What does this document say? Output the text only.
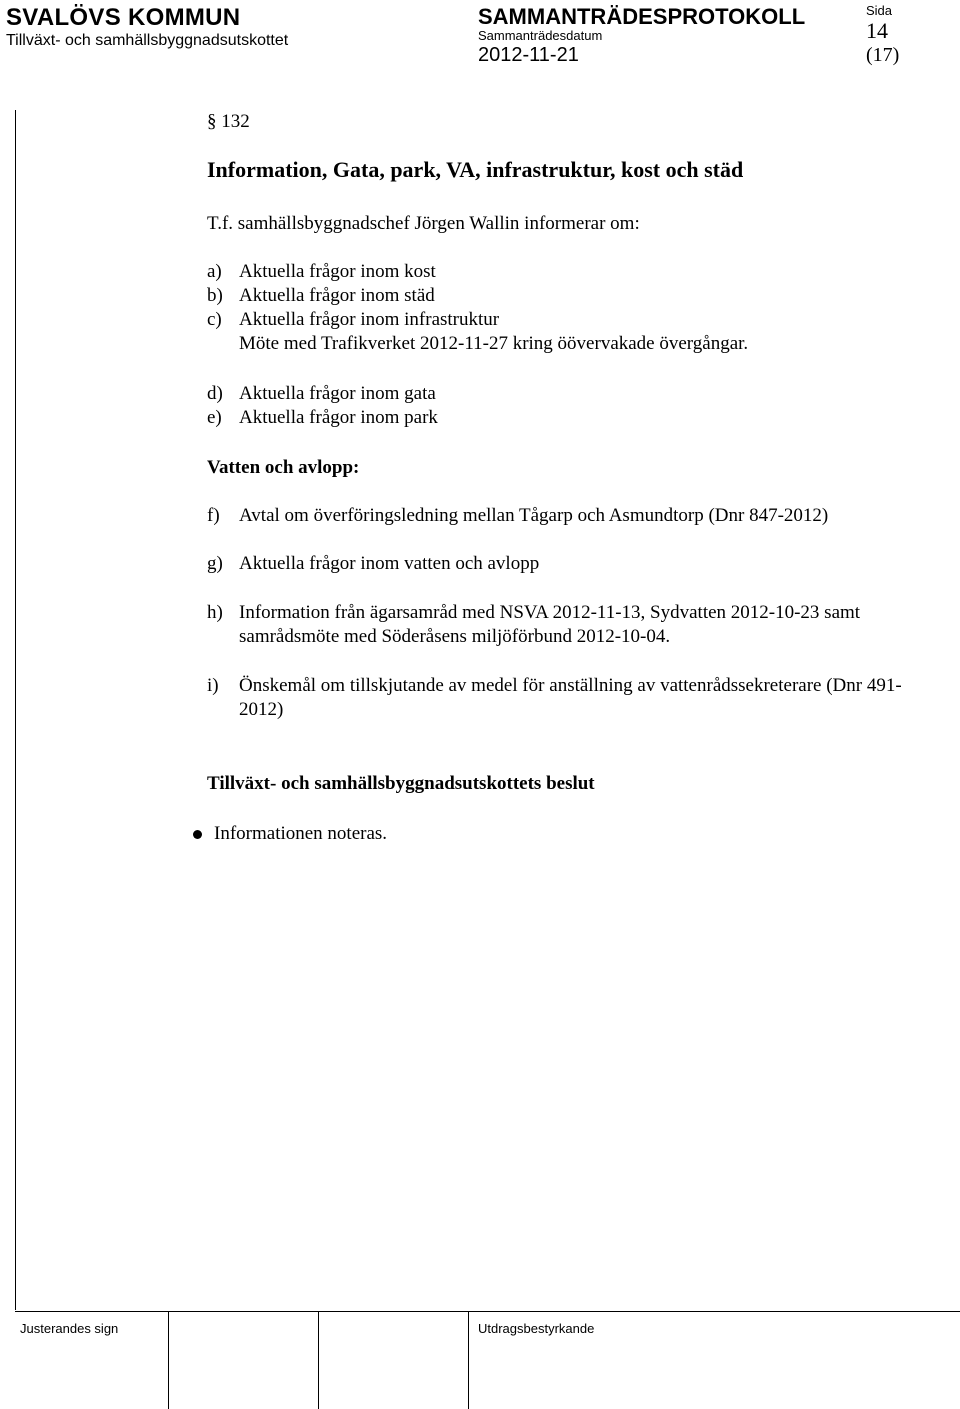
SVALÖVS KOMMUN
Tillväxt- och samhällsbyggnadsutskottet
SAMMANTRÄDESPROTOKOLL
Sammanträdesdatum
2012-11-21
Sida
14
(17)
§ 132
Information, Gata, park, VA, infrastruktur, kost och städ
T.f. samhällsbyggnadschef Jörgen Wallin informerar om:
a) Aktuella frågor inom kost
b) Aktuella frågor inom städ
c) Aktuella frågor inom infrastruktur
Möte med Trafikverket 2012-11-27 kring öövervakade övergångar.
d) Aktuella frågor inom gata
e) Aktuella frågor inom park
Vatten och avlopp:
f)	Avtal om överföringsledning mellan Tågarp och Asmundtorp (Dnr 847-2012)
g) Aktuella frågor inom vatten och avlopp
h) Information från ägarsamråd med NSVA 2012-11-13, Sydvatten 2012-10-23 samt samrådsmöte med Söderåsens miljöförbund 2012-10-04.
i)	Önskemål om tillskjutande av medel för anställning av vattenrådssekreterare (Dnr 491-2012)
Tillväxt- och samhällsbyggnadsutskottets beslut
Informationen noteras.
Justerandes sign	Utdragsbestyrkande
